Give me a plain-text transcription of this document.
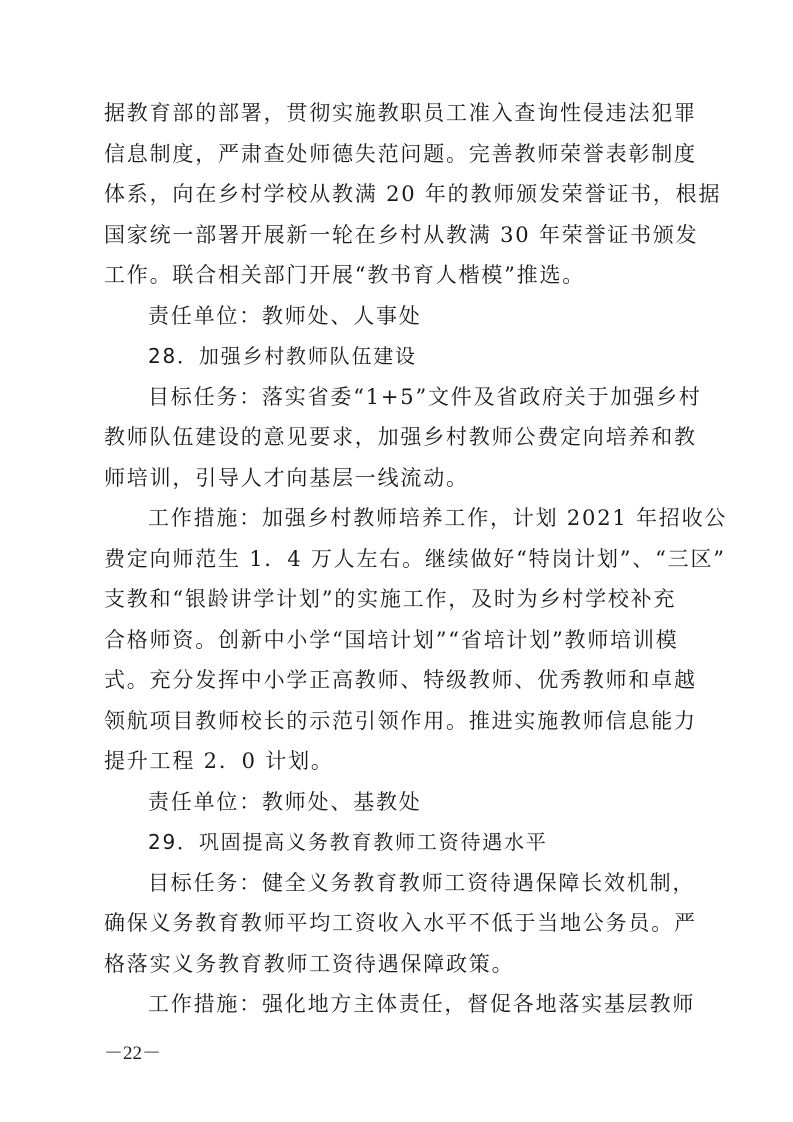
据教育部的部署，贯彻实施教职员工准入查询性侵违法犯罪
信息制度，严肃查处师德失范问题。完善教师荣誉表彰制度
体系，向在乡村学校从教满 20 年的教师颁发荣誉证书，根据
国家统一部署开展新一轮在乡村从教满 30 年荣誉证书颁发
工作。联合相关部门开展“教书育人楷模”推选。
责任单位：教师处、人事处
28．加强乡村教师队伍建设
目标任务：落实省委“1+5”文件及省政府关于加强乡村
教师队伍建设的意见要求，加强乡村教师公费定向培养和教
师培训，引导人才向基层一线流动。
工作措施：加强乡村教师培养工作，计划 2021 年招收公
费定向师范生 1．4 万人左右。继续做好“特岗计划”、“三区”
支教和“银龄讲学计划”的实施工作，及时为乡村学校补充
合格师资。创新中小学“国培计划”“省培计划”教师培训模
式。充分发挥中小学正高教师、特级教师、优秀教师和卓越
领航项目教师校长的示范引领作用。推进实施教师信息能力
提升工程 2．0 计划。
责任单位：教师处、基教处
29．巩固提高义务教育教师工资待遇水平
目标任务：健全义务教育教师工资待遇保障长效机制，
确保义务教育教师平均工资收入水平不低于当地公务员。严
格落实义务教育教师工资待遇保障政策。
工作措施：强化地方主体责任，督促各地落实基层教师
－22－
